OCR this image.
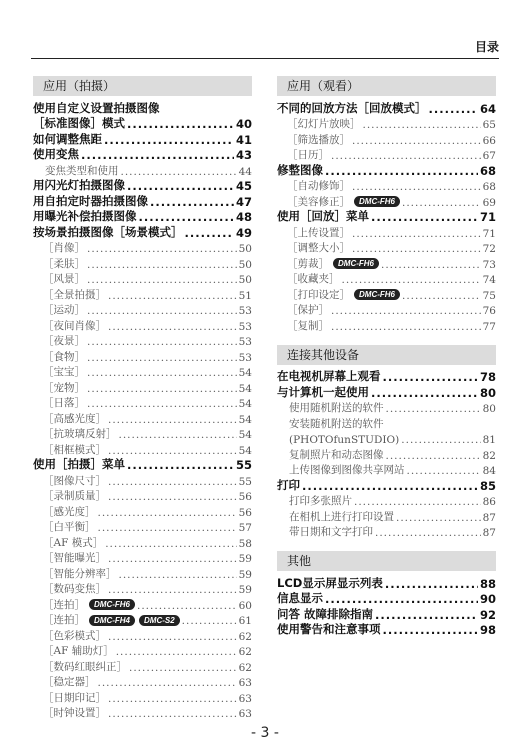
目录
应用（拍摄）
使用自定义设置拍摄图像
［标准图像］模式 .....	40
如何调整焦距 .....	41
使用变焦 .....	43
变焦类型和使用 .....	44
用闪光灯拍摄图像 .....	45
用自拍定时器拍摄图像 .....	47
用曝光补偿拍摄图像 .....	48
按场景拍摄图像［场景模式］ .....	49
［肖像］ .....	50
［柔肤］ .....	50
［风景］ .....	50
［全景拍摄］ .....	51
［运动］ .....	53
［夜间肖像］ .....	53
［夜景］ .....	53
［食物］ .....	53
［宝宝］ .....	54
［宠物］ .....	54
［日落］ .....	54
［高感光度］ .....	54
［抗玻璃反射］ .....	54
［相框模式］ .....	54
使用［拍摄］菜单 .....	55
［图像尺寸］ .....	55
［录制质量］ .....	56
［感光度］ .....	56
［白平衡］ .....	57
［AF 模式］ .....	58
［智能曝光］ .....	59
［智能分辨率］ .....	59
［数码变焦］ .....	59
［连拍］ DMC-FH6 .....	60
［连拍］ DMC-FH4 DMC-S2 .....	61
［色彩模式］ .....	62
［AF 辅助灯］ .....	62
［数码红眼纠正］ .....	62
［稳定器］ .....	63
［日期印记］ .....	63
［时钟设置］ .....	63
应用（观看）
不同的回放方法［回放模式］ .....	64
［幻灯片放映］ .....	65
［筛选播放］ .....	66
［日历］ .....	67
修整图像 .....	68
［自动修饰］ .....	68
［美容修正］ DMC-FH6 .....	69
使用［回放］菜单 .....	71
［上传设置］ .....	71
［调整大小］ .....	72
［剪裁］ DMC-FH6 .....	73
［收藏夹］ .....	74
［打印设定］ DMC-FH6 .....	75
［保护］ .....	76
［复制］ .....	77
连接其他设备
在电视机屏幕上观看 .....	78
与计算机一起使用 .....	80
使用随机附送的软件 .....	80
安装随机附送的软件
(PHOTOfunSTUDIO) .....	81
复制照片和动态图像 .....	82
上传图像到图像共享网站 .....	84
打印 .....	85
打印多张照片 .....	86
在相机上进行打印设置 .....	87
带日期和文字打印 .....	87
其他
LCD显示屏显示列表 .....	88
信息显示 .....	90
问答 故障排除指南 .....	92
使用警告和注意事项 .....	98
- 3 -
